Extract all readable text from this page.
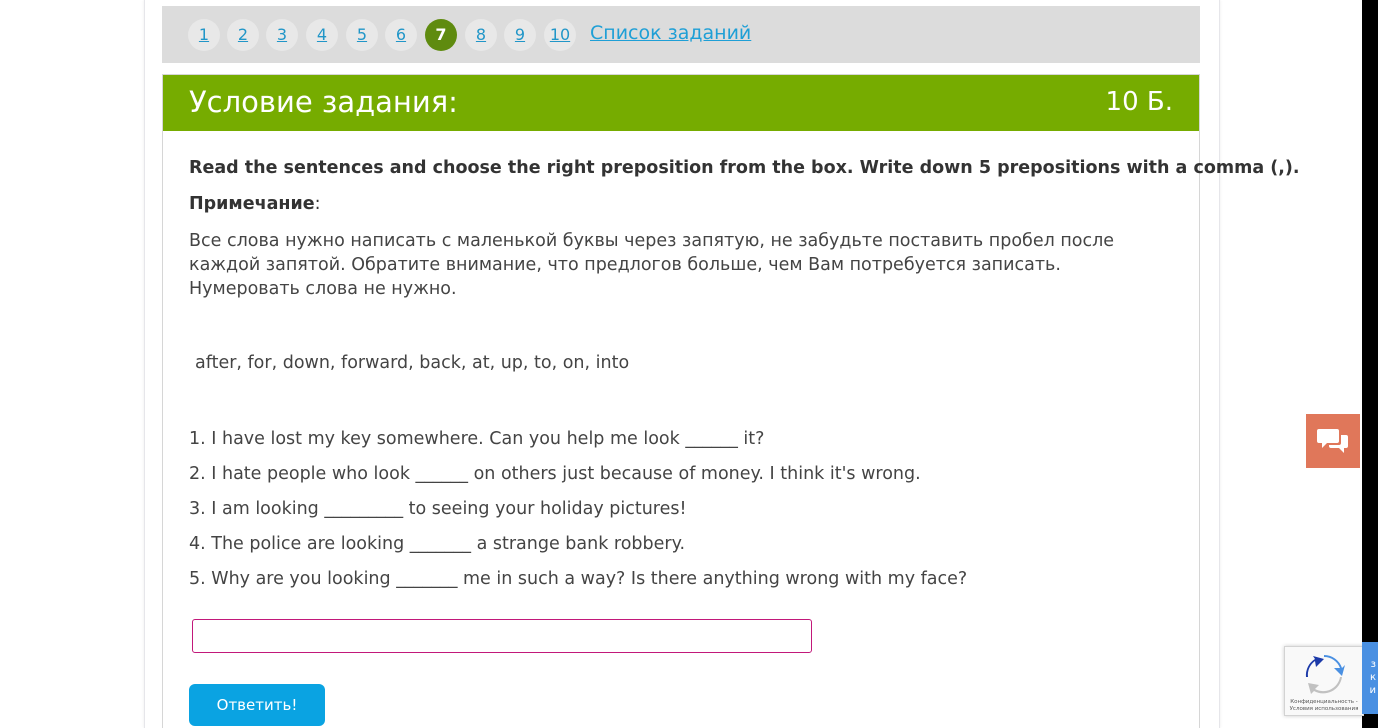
1	2	3	4	5	6	7	8	9	10	Список заданий
Условие задания:	10 Б.
Read the sentences and choose the right preposition from the box. Write down 5 prepositions with a comma (,).
Примечание:
Все слова нужно написать с маленькой буквы через запятую, не забудьте поставить пробел после каждой запятой. Обратите внимание, что предлогов больше, чем Вам потребуется записать. Нумеровать слова не нужно.
after, for, down, forward, back, at, up, to, on, into
1. I have lost my key somewhere. Can you help me look ______ it?
2. I hate people who look ______ on others just because of money. I think it's wrong.
3. I am looking _________ to seeing your holiday pictures!
4. The police are looking _______ a strange bank robbery.
5. Why are you looking _______ me in such a way? Is there anything wrong with my face?
Ответить!	Конфиденциальность - Условия использования
з к и
